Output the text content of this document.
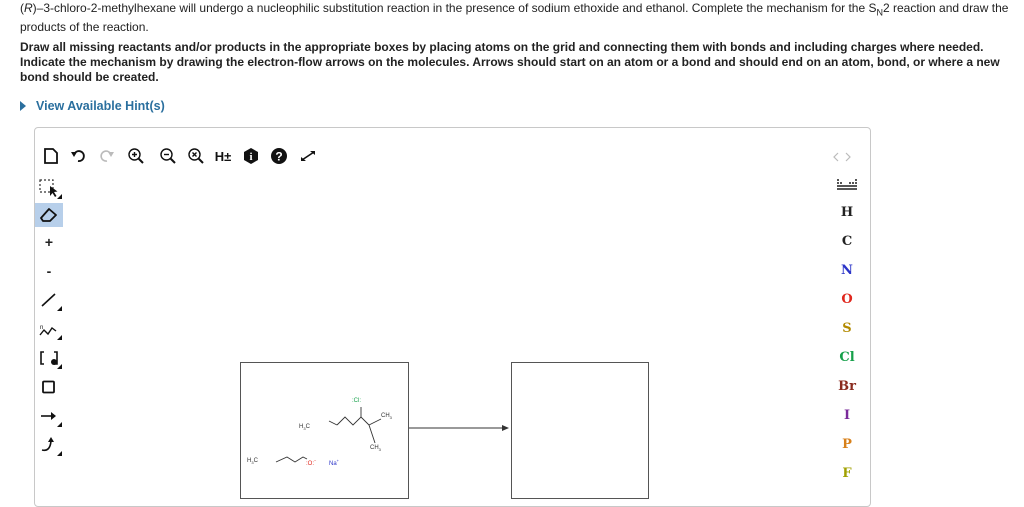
(R)–3-chloro-2-methylhexane will undergo a nucleophilic substitution reaction in the presence of sodium ethoxide and ethanol. Complete the mechanism for the $S_N2$ reaction and draw the products of the reaction.
Draw all missing reactants and/or products in the appropriate boxes by placing atoms on the grid and connecting them with bonds and including charges where needed. Indicate the mechanism by drawing the electron-flow arrows on the molecules. Arrows should start on an atom or a bond and should end on an atom, bond, or where a new bond should be created.
View Available Hint(s)
H±	i ?
+
-
n
H
C
N
O
S
Cl
Br
I
P
F
$H_3C$
$CH_3$
$CH_3$
:Cl:
$H_3C$	:O:−
Na+
